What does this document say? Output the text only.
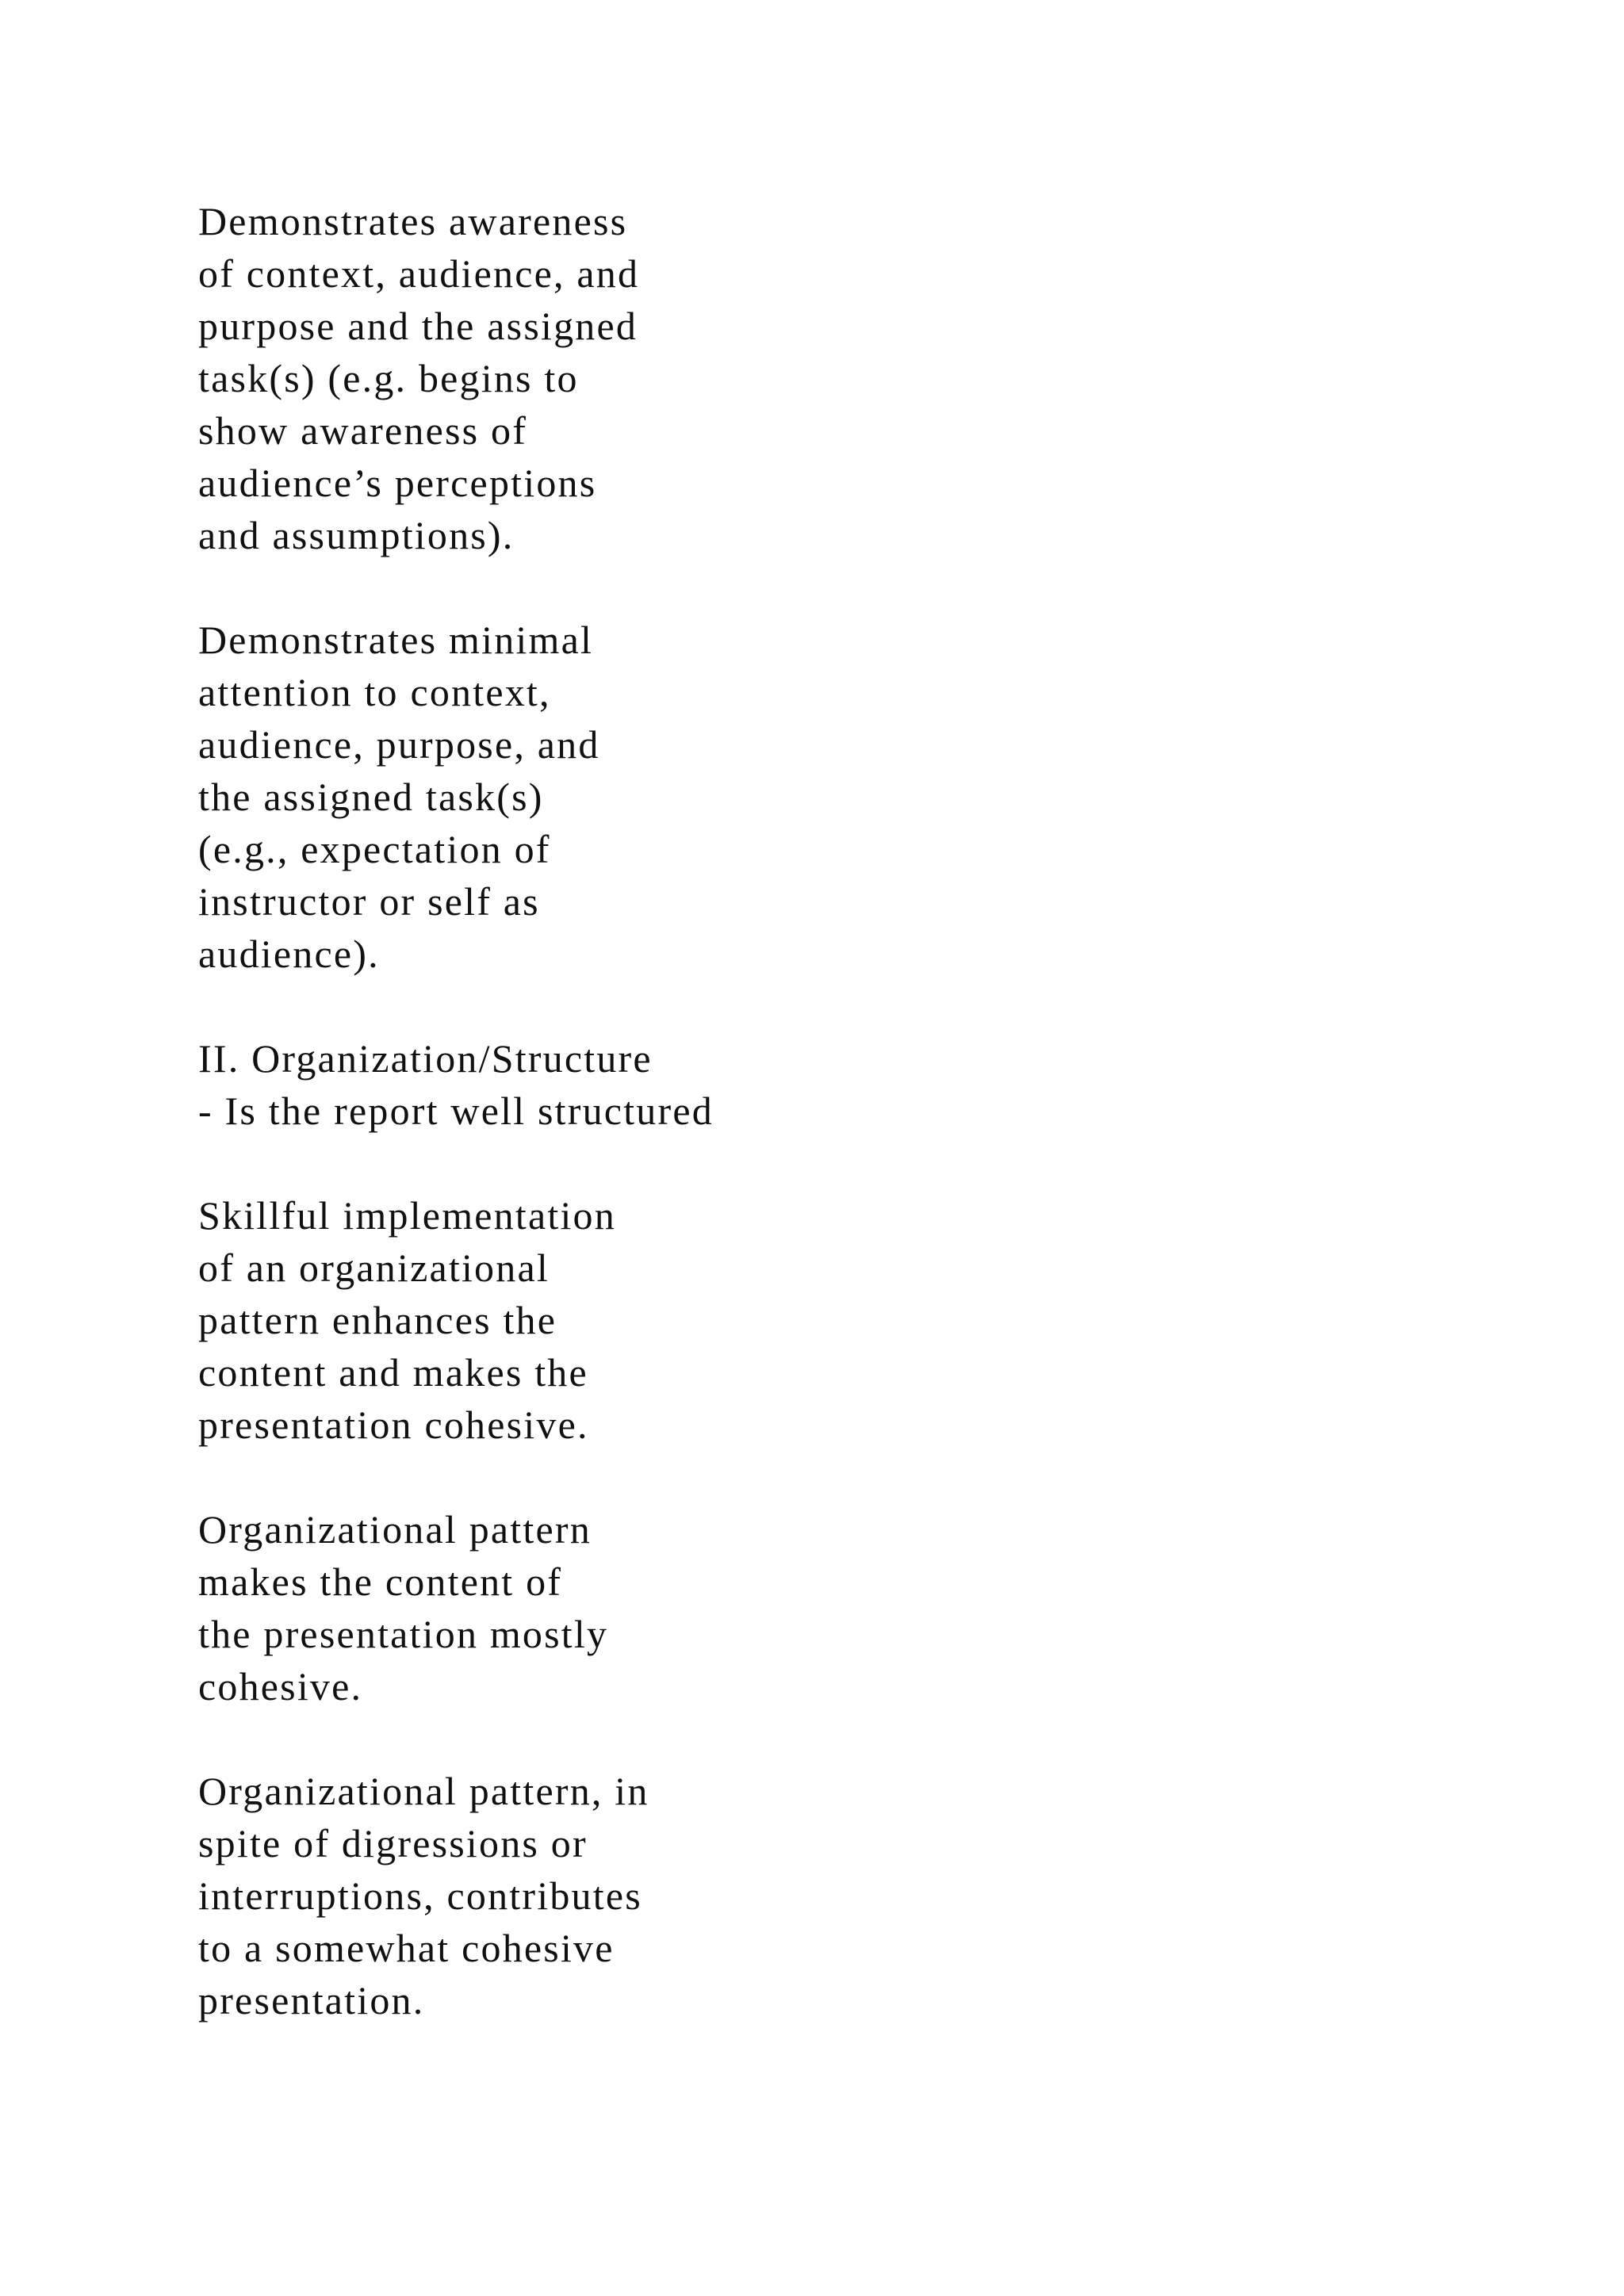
Demonstrates awareness
of context, audience, and
purpose and the assigned
task(s) (e.g. begins to
show awareness of
audience’s perceptions
and assumptions).
Demonstrates minimal
attention to context,
audience, purpose, and
the assigned task(s)
(e.g., expectation of
instructor or self as
audience).
II. Organization/Structure
- Is the report well structured
Skillful implementation
of an organizational
pattern enhances the
content and makes the
presentation cohesive.
Organizational pattern
makes the content of
the presentation mostly
cohesive.
Organizational pattern, in
spite of digressions or
interruptions, contributes
to a somewhat cohesive
presentation.
